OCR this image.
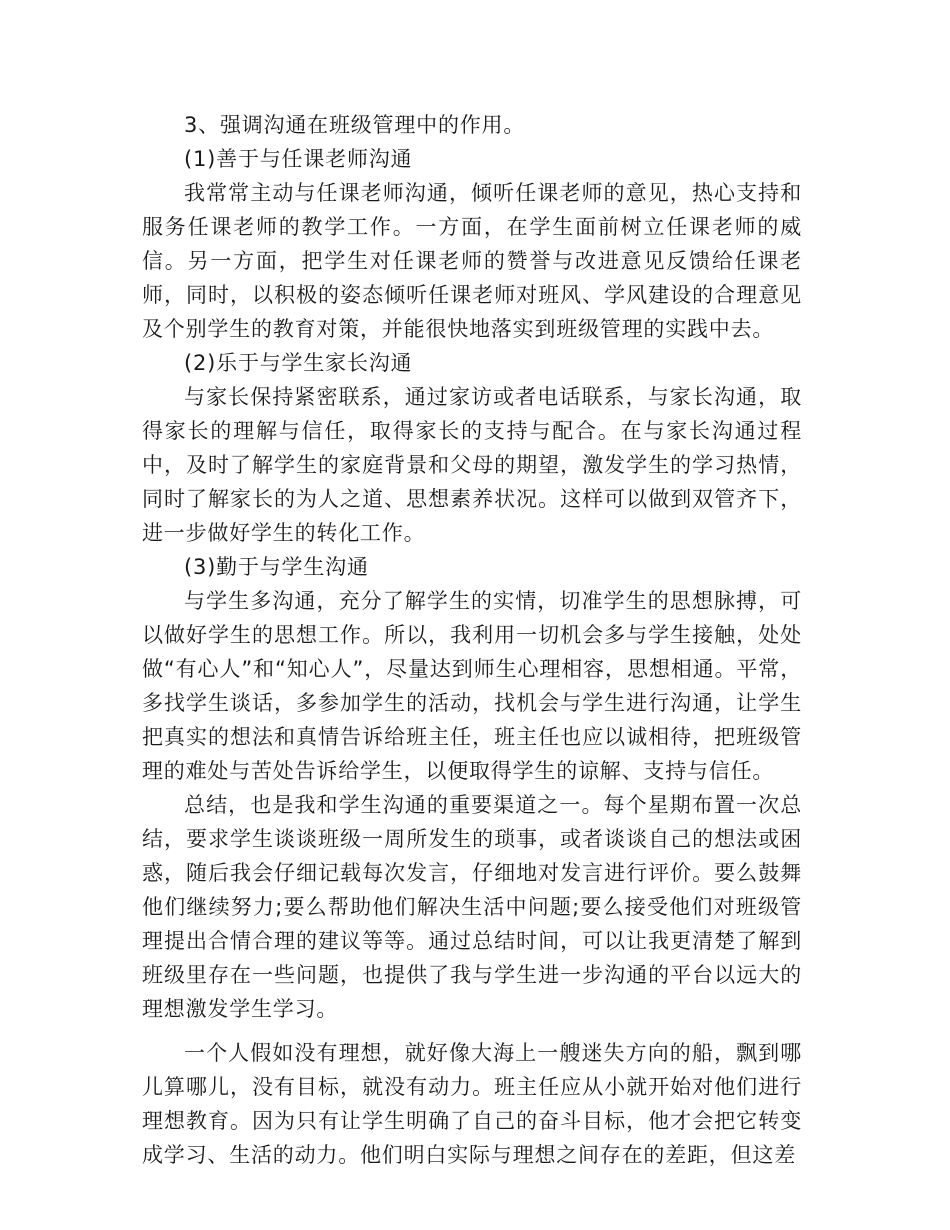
3、强调沟通在班级管理中的作用。

(1)善于与任课老师沟通

我常常主动与任课老师沟通，倾听任课老师的意见，热心支持和服务任课老师的教学工作。一方面，在学生面前树立任课老师的威信。另一方面，把学生对任课老师的赞誉与改进意见反馈给任课老师，同时，以积极的姿态倾听任课老师对班风、学风建设的合理意见及个别学生的教育对策，并能很快地落实到班级管理的实践中去。

(2)乐于与学生家长沟通

与家长保持紧密联系，通过家访或者电话联系，与家长沟通，取得家长的理解与信任，取得家长的支持与配合。在与家长沟通过程中，及时了解学生的家庭背景和父母的期望，激发学生的学习热情，同时了解家长的为人之道、思想素养状况。这样可以做到双管齐下，进一步做好学生的转化工作。

(3)勤于与学生沟通

与学生多沟通，充分了解学生的实情，切准学生的思想脉搏，可以做好学生的思想工作。所以，我利用一切机会多与学生接触，处处做“有心人”和“知心人”，尽量达到师生心理相容，思想相通。平常，多找学生谈话，多参加学生的活动，找机会与学生进行沟通，让学生把真实的想法和真情告诉给班主任，班主任也应以诚相待，把班级管理的难处与苦处告诉给学生，以便取得学生的谅解、支持与信任。

总结，也是我和学生沟通的重要渠道之一。每个星期布置一次总结，要求学生谈谈班级一周所发生的琐事，或者谈谈自己的想法或困惑，随后我会仔细记载每次发言，仔细地对发言进行评价。要么鼓舞他们继续努力;要么帮助他们解决生活中问题;要么接受他们对班级管理提出合情合理的建议等等。通过总结时间，可以让我更清楚了解到班级里存在一些问题，也提供了我与学生进一步沟通的平台以远大的理想激发学生学习。

一个人假如没有理想，就好像大海上一艘迷失方向的船，飘到哪儿算哪儿，没有目标，就没有动力。班主任应从小就开始对他们进行理想教育。因为只有让学生明确了自己的奋斗目标，他才会把它转变成学习、生活的动力。他们明白实际与理想之间存在的差距，但这差
